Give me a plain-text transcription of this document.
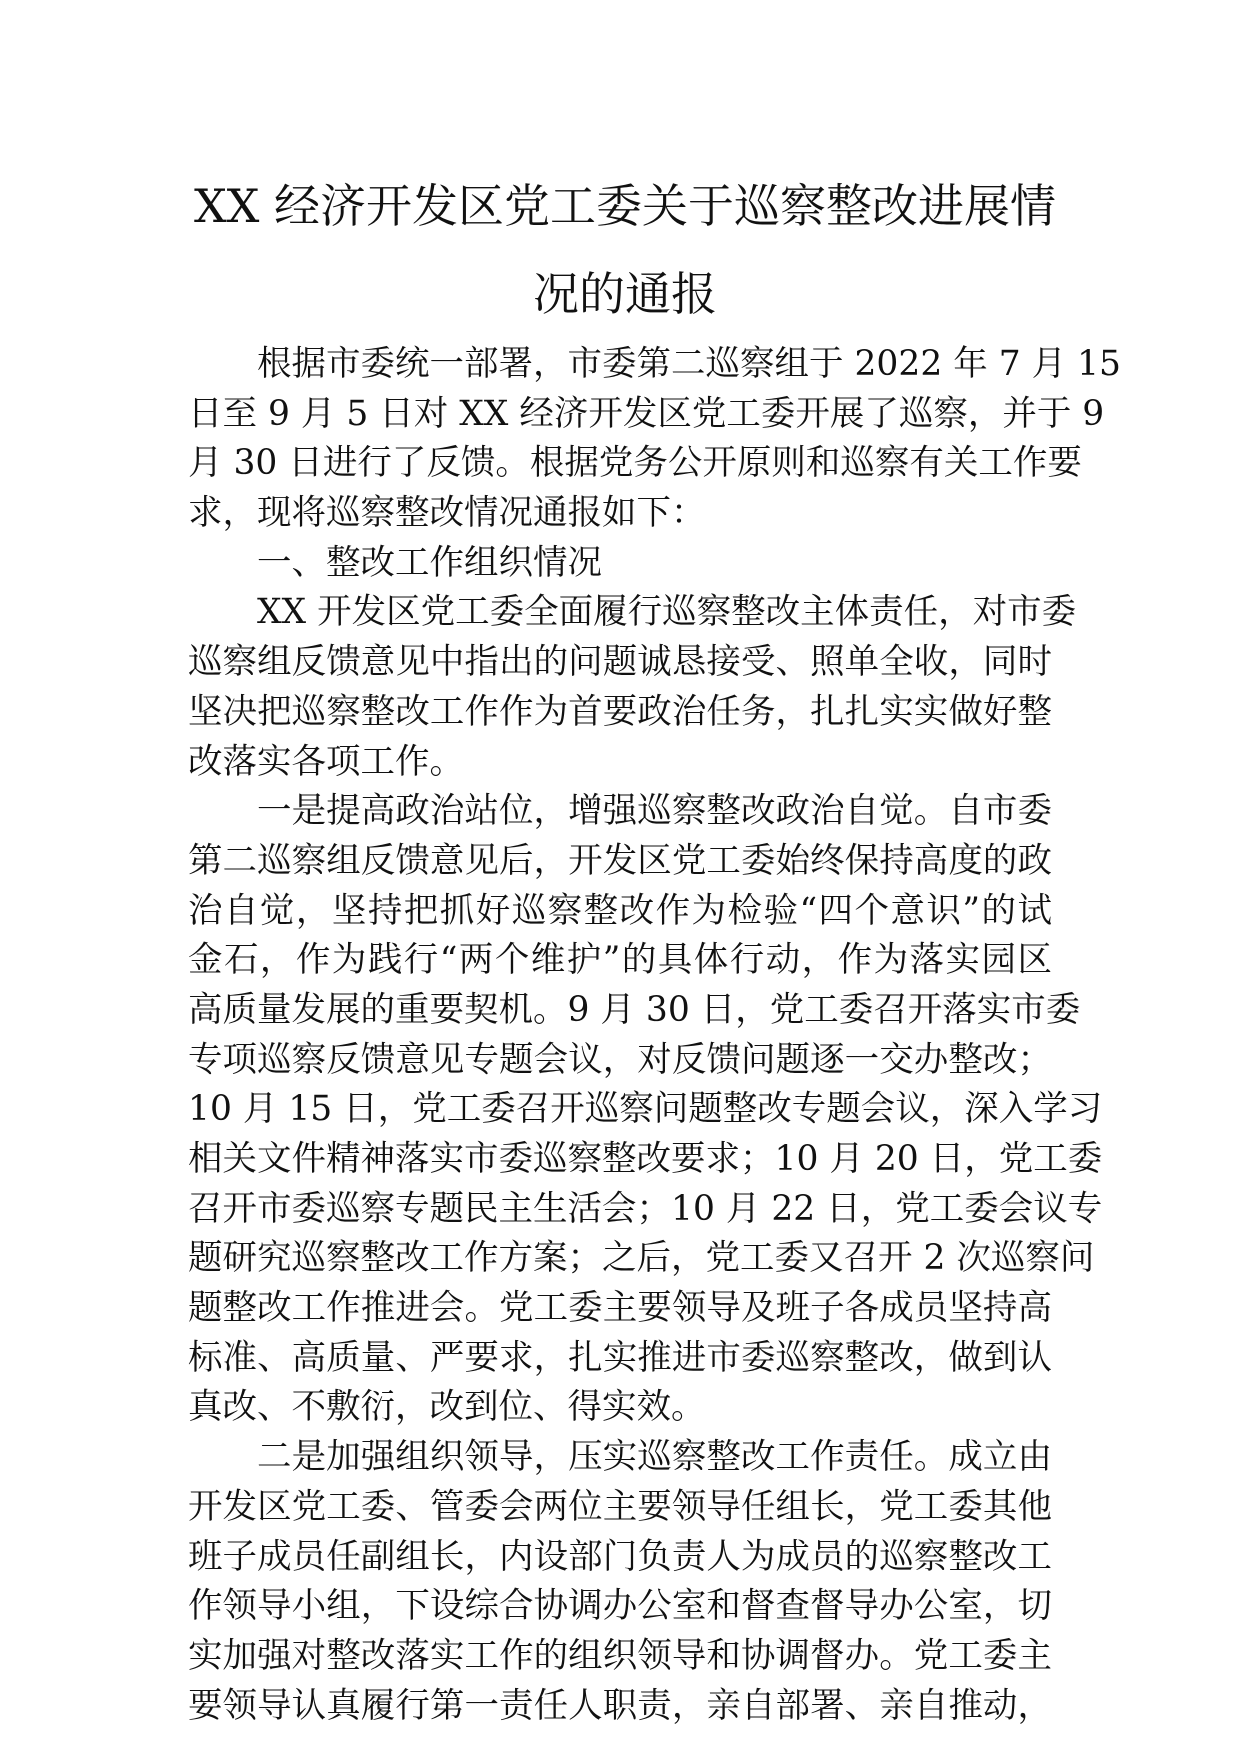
XX 经济开发区党工委关于巡察整改进展情
况的通报
根据市委统一部署，市委第二巡察组于 2022 年 7 月 15
日至 9 月 5 日对 XX 经济开发区党工委开展了巡察，并于 9
月 30 日进行了反馈。根据党务公开原则和巡察有关工作要
求，现将巡察整改情况通报如下：
一、整改工作组织情况
XX 开发区党工委全面履行巡察整改主体责任，对市委
巡察组反馈意见中指出的问题诚恳接受、照单全收，同时
坚决把巡察整改工作作为首要政治任务，扎扎实实做好整
改落实各项工作。
一是提高政治站位，增强巡察整改政治自觉。自市委
第二巡察组反馈意见后，开发区党工委始终保持高度的政
治自觉，坚持把抓好巡察整改作为检验“四个意识”的试
金石，作为践行“两个维护”的具体行动，作为落实园区
高质量发展的重要契机。9 月 30 日，党工委召开落实市委
专项巡察反馈意见专题会议，对反馈问题逐一交办整改；
10 月 15 日，党工委召开巡察问题整改专题会议，深入学习
相关文件精神落实市委巡察整改要求；10 月 20 日，党工委
召开市委巡察专题民主生活会；10 月 22 日，党工委会议专
题研究巡察整改工作方案；之后，党工委又召开 2 次巡察问
题整改工作推进会。党工委主要领导及班子各成员坚持高
标准、高质量、严要求，扎实推进市委巡察整改，做到认
真改、不敷衍，改到位、得实效。
二是加强组织领导，压实巡察整改工作责任。成立由
开发区党工委、管委会两位主要领导任组长，党工委其他
班子成员任副组长，内设部门负责人为成员的巡察整改工
作领导小组，下设综合协调办公室和督查督导办公室，切
实加强对整改落实工作的组织领导和协调督办。党工委主
要领导认真履行第一责任人职责，亲自部署、亲自推动，
